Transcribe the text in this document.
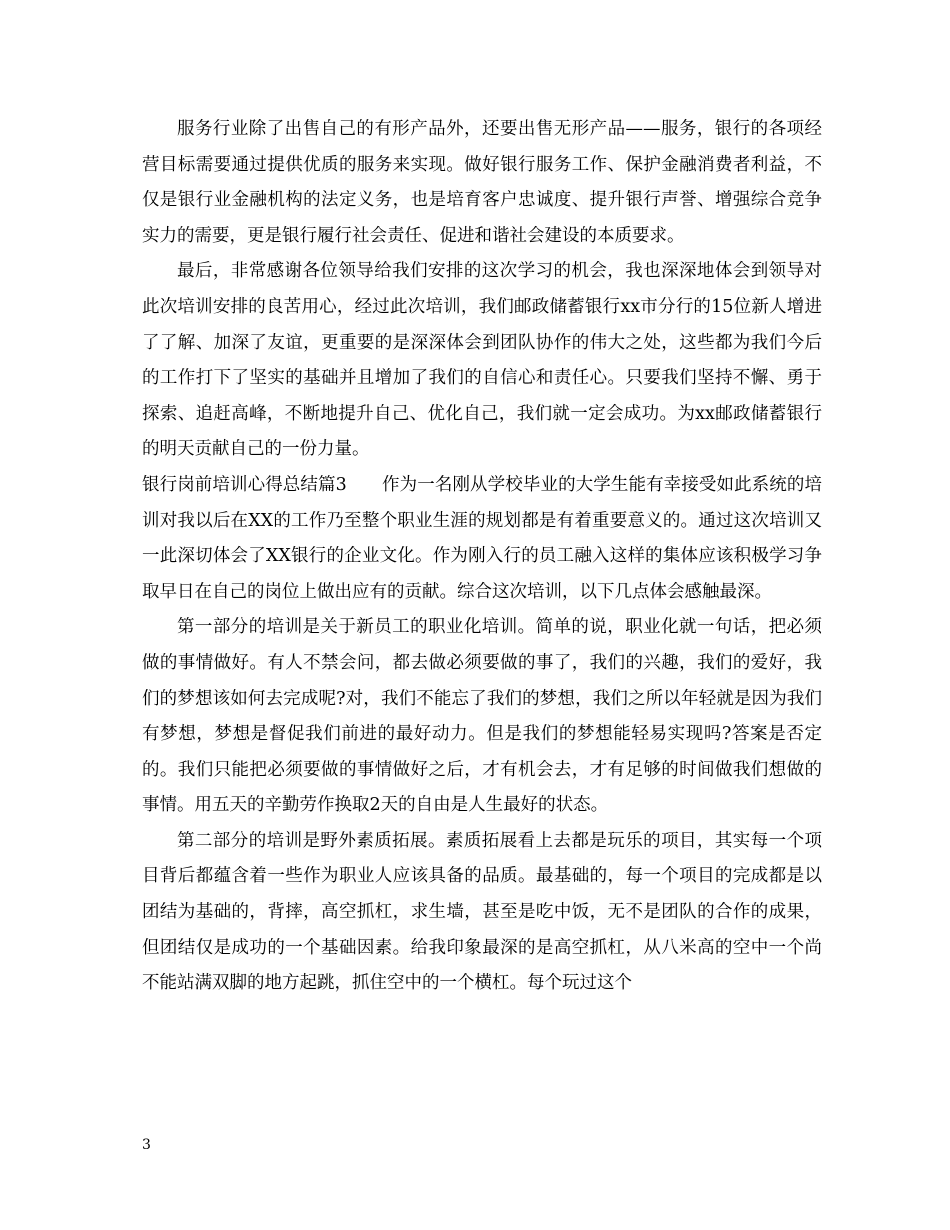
服务行业除了出售自己的有形产品外，还要出售无形产品——服务，银行的各项经营目标需要通过提供优质的服务来实现。做好银行服务工作、保护金融消费者利益，不仅是银行业金融机构的法定义务，也是培育客户忠诚度、提升银行声誉、增强综合竞争实力的需要，更是银行履行社会责任、促进和谐社会建设的本质要求。

最后，非常感谢各位领导给我们安排的这次学习的机会，我也深深地体会到领导对此次培训安排的良苦用心，经过此次培训，我们邮政储蓄银行xx市分行的15位新人增进了了解、加深了友谊，更重要的是深深体会到团队协作的伟大之处，这些都为我们今后的工作打下了坚实的基础并且增加了我们的自信心和责任心。只要我们坚持不懈、勇于探索、追赶高峰，不断地提升自己、优化自己，我们就一定会成功。为xx邮政储蓄银行的明天贡献自己的一份力量。

银行岗前培训心得总结篇3　　作为一名刚从学校毕业的大学生能有幸接受如此系统的培训对我以后在XX的工作乃至整个职业生涯的规划都是有着重要意义的。通过这次培训又一此深切体会了XX银行的企业文化。作为刚入行的员工融入这样的集体应该积极学习争取早日在自己的岗位上做出应有的贡献。综合这次培训，以下几点体会感触最深。

第一部分的培训是关于新员工的职业化培训。简单的说，职业化就一句话，把必须做的事情做好。有人不禁会问，都去做必须要做的事了，我们的兴趣，我们的爱好，我们的梦想该如何去完成呢?对，我们不能忘了我们的梦想，我们之所以年轻就是因为我们有梦想，梦想是督促我们前进的最好动力。但是我们的梦想能轻易实现吗?答案是否定的。我们只能把必须要做的事情做好之后，才有机会去，才有足够的时间做我们想做的事情。用五天的辛勤劳作换取2天的自由是人生最好的状态。

第二部分的培训是野外素质拓展。素质拓展看上去都是玩乐的项目，其实每一个项目背后都蕴含着一些作为职业人应该具备的品质。最基础的，每一个项目的完成都是以团结为基础的，背摔，高空抓杠，求生墙，甚至是吃中饭，无不是团队的合作的成果，但团结仅是成功的一个基础因素。给我印象最深的是高空抓杠，从八米高的空中一个尚不能站满双脚的地方起跳，抓住空中的一个横杠。每个玩过这个

3
